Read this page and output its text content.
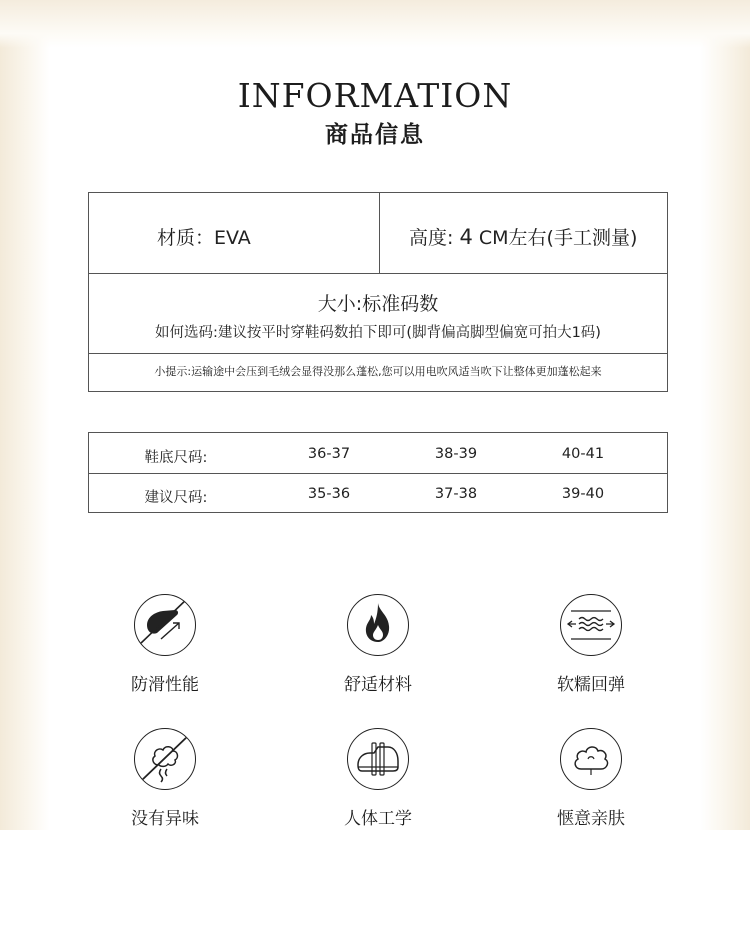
INFORMATION
商品信息
材质：EVA	高度: 4 CM左右(手工测量)
大小:标准码数
如何选码:建议按平时穿鞋码数拍下即可(脚背偏高脚型偏宽可拍大1码)
小提示:运输途中会压到毛绒会显得没那么蓬松,您可以用电吹风适当吹下让整体更加蓬松起来
鞋底尺码:	36-37	38-39	40-41
建议尺码:	35-36	37-38	39-40
防滑性能	舒适材料	软糯回弹
没有异味	人体工学	惬意亲肤
